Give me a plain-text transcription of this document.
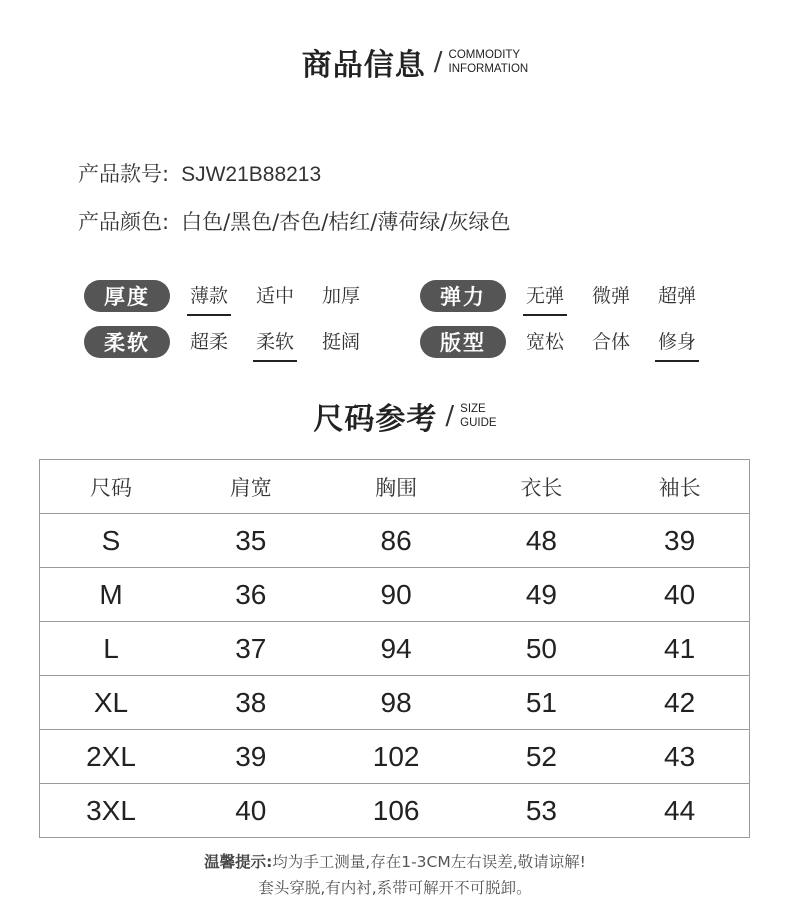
商品信息 / COMMODITY
INFORMATION
产品款号: SJW21B88213
产品颜色: 白色/黑色/杏色/桔红/薄荷绿/灰绿色
厚度	薄款 适中 加厚	弹力	无弹 微弹 超弹
柔软	超柔 柔软 挺阔	版型	宽松 合体 修身
尺码参考 / SIZE
GUIDE
尺码	肩宽	胸围	衣长	袖长
S	35	86	48	39
M	36	90	49	40
L	37	94	50	41
XL	38	98	51	42
2XL	39	102	52	43
3XL	40	106	53	44
温馨提示:均为手工测量,存在1-3CM左右误差,敬请谅解!
套头穿脱,有内衬,系带可解开不可脱卸。
